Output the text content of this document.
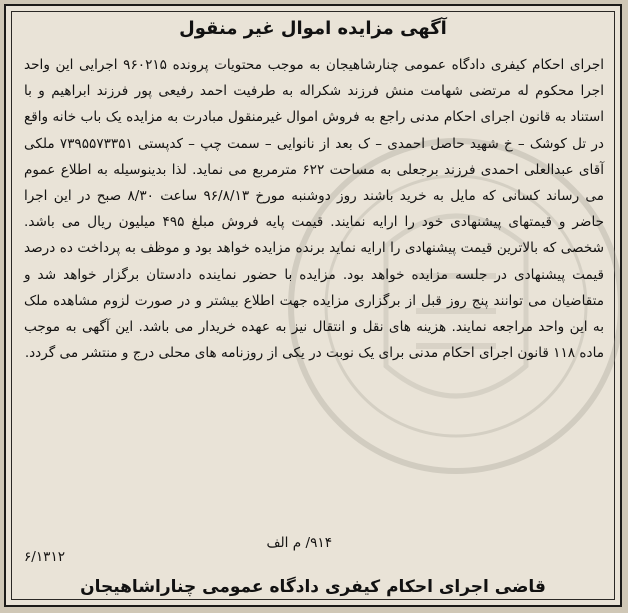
آگهی مزایده اموال غیر منقول

اجرای احکام کیفری دادگاه عمومی چنارشاهیجان به موجب محتویات پرونده ۹۶۰۲۱۵ اجرایی این واحد اجرا محکوم له مرتضی شهامت منش فرزند شکراله به طرفیت احمد رفیعی پور فرزند ابراهیم و با استناد به قانون اجرای احکام مدنی راجع به فروش اموال غیرمنقول مبادرت به مزایده یک باب خانه واقع در تل کوشک – خ شهید حاصل احمدی – ک بعد از نانوایی – سمت چپ – کدپستی ۷۳۹۵۵۷۳۳۵۱ ملکی آقای عبدالعلی احمدی فرزند برجعلی به مساحت ۶۲۲ مترمربع می نماید. لذا بدینوسیله به اطلاع عموم می رساند کسانی که مایل به خرید باشند روز دوشنبه مورخ ۹۶/۸/۱۳ ساعت ۸/۳۰ صبح در این اجرا حاضر و قیمتهای پیشنهادی خود را ارایه نمایند. قیمت پایه فروش مبلغ ۴۹۵ میلیون ریال می باشد. شخصی که بالاترین قیمت پیشنهادی را ارایه نماید برنده مزایده خواهد بود و موظف به پرداخت ده درصد قیمت پیشنهادی در جلسه مزایده خواهد بود. مزایده با حضور نماینده دادستان برگزار خواهد شد و متقاضیان می توانند پنج روز قبل از برگزاری مزایده جهت اطلاع بیشتر و در صورت لزوم مشاهده ملک به این واحد مراجعه نمایند. هزینه های نقل و انتقال نیز به عهده خریدار می باشد. این آگهی به موجب ماده ۱۱۸ قانون اجرای احکام مدنی برای یک نوبت در یکی از روزنامه های محلی درج و منتشر می گردد.

۹۱۴/ م الف
۶/۱۳۱۲
قاضی اجرای احکام کیفری دادگاه عمومی چناراشاهیجان
